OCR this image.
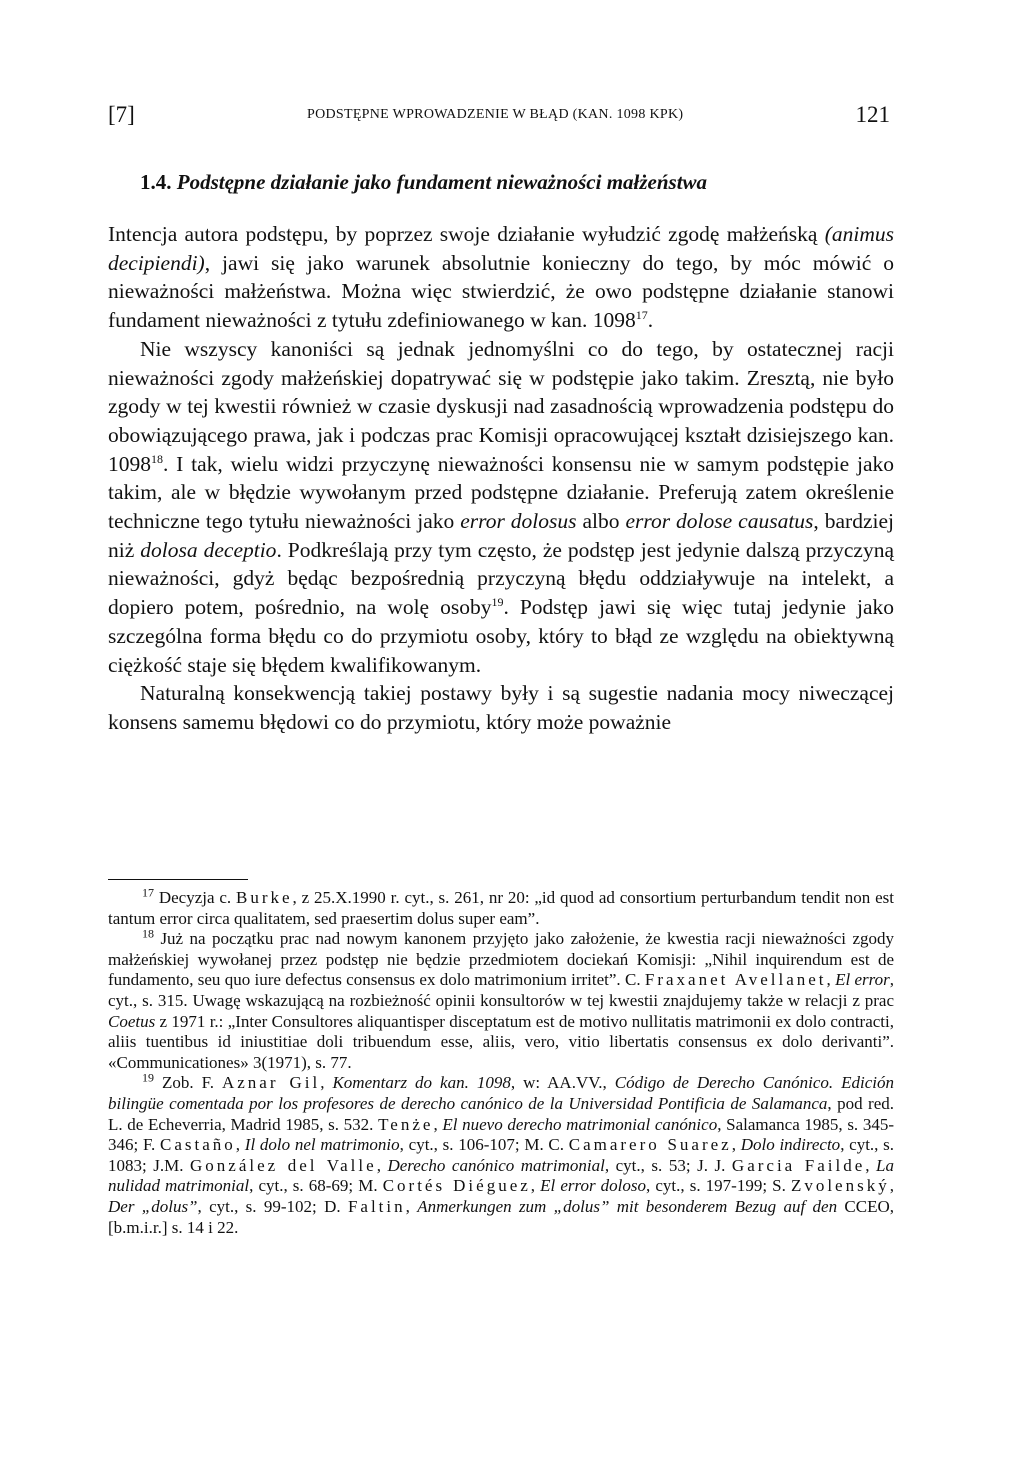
[7]	PODSTĘPNE WPROWADZENIE W BŁĄD (KAN. 1098 KPK)	121
1.4. Podstępne działanie jako fundament nieważności małżeństwa

Intencja autora podstępu, by poprzez swoje działanie wyłudzić zgodę małżeńską (animus decipiendi), jawi się jako warunek absolutnie konieczny do tego, by móc mówić o nieważności małżeństwa. Można więc stwierdzić, że owo podstępne działanie stanowi fundament nieważności z tytułu zdefiniowanego w kan. 1098$^{17}$.

Nie wszyscy kanoniści są jednak jednomyślni co do tego, by ostatecznej racji nieważności zgody małżeńskiej dopatrywać się w podstępie jako takim. Zresztą, nie było zgody w tej kwestii również w czasie dyskusji nad zasadnością wprowadzenia podstępu do obowiązującego prawa, jak i podczas prac Komisji opracowującej kształt dzisiejszego kan. 1098$^{18}$. I tak, wielu widzi przyczynę nieważności konsensu nie w samym podstępie jako takim, ale w błędzie wywołanym przed podstępne działanie. Preferują zatem określenie techniczne tego tytułu nieważności jako error dolosus albo error dolose causatus, bardziej niż dolosa deceptio. Podkreślają przy tym często, że podstęp jest jedynie dalszą przyczyną nieważności, gdyż będąc bezpośrednią przyczyną błędu oddziaływuje na intelekt, a dopiero potem, pośrednio, na wolę osoby$^{19}$. Podstęp jawi się więc tutaj jedynie jako szczególna forma błędu co do przymiotu osoby, który to błąd ze względu na obiektywną ciężkość staje się błędem kwalifikowanym.

Naturalną konsekwencją takiej postawy były i są sugestie nadania mocy niweczącej konsens samemu błędowi co do przymiotu, który może poważnie

$^{17}$ Decyzja c. Burke, z 25.X.1990 r. cyt., s. 261, nr 20: „id quod ad consortium perturbandum tendit non est tantum error circa qualitatem, sed praesertim dolus super eam”.

$^{18}$ Już na początku prac nad nowym kanonem przyjęto jako założenie, że kwestia racji nieważności zgody małżeńskiej wywołanej przez podstęp nie będzie przedmiotem dociekań Komisji: „Nihil inquirendum est de fundamento, seu quo iure defectus consensus ex dolo matrimonium irritet”. C. Fraxanet Avellanet, El error, cyt., s. 315. Uwagę wskazującą na rozbieżność opinii konsultorów w tej kwestii znajdujemy także w relacji z prac Coetus z 1971 r.: „Inter Consultores aliquantisper disceptatum est de motivo nullitatis matrimonii ex dolo contracti, aliis tuentibus id iniustitiae doli tribuendum esse, aliis, vero, vitio libertatis consensus ex dolo derivanti”. «Communicationes» 3(1971), s. 77.

$^{19}$ Zob. F. Aznar Gil, Komentarz do kan. 1098, w: AA.VV., Código de Derecho Canónico. Edición bilingüe comentada por los profesores de derecho canónico de la Universidad Pontificia de Salamanca, pod red. L. de Echeverria, Madrid 1985, s. 532. Tenże, El nuevo derecho matrimonial canónico, Salamanca 1985, s. 345-346; F. Castaño, Il dolo nel matrimonio, cyt., s. 106-107; M. C. Camarero Suarez, Dolo indirecto, cyt., s. 1083; J.M. González del Valle, Derecho canónico matrimonial, cyt., s. 53; J. J. Garcia Failde, La nulidad matrimonial, cyt., s. 68-69; M. Cortés Diéguez, El error doloso, cyt., s. 197-199; S. Zvolenský, Der „dolus”, cyt., s. 99-102; D. Faltin, Anmerkungen zum „dolus” mit besonderem Bezug auf den CCEO, [b.m.i.r.] s. 14 i 22.
